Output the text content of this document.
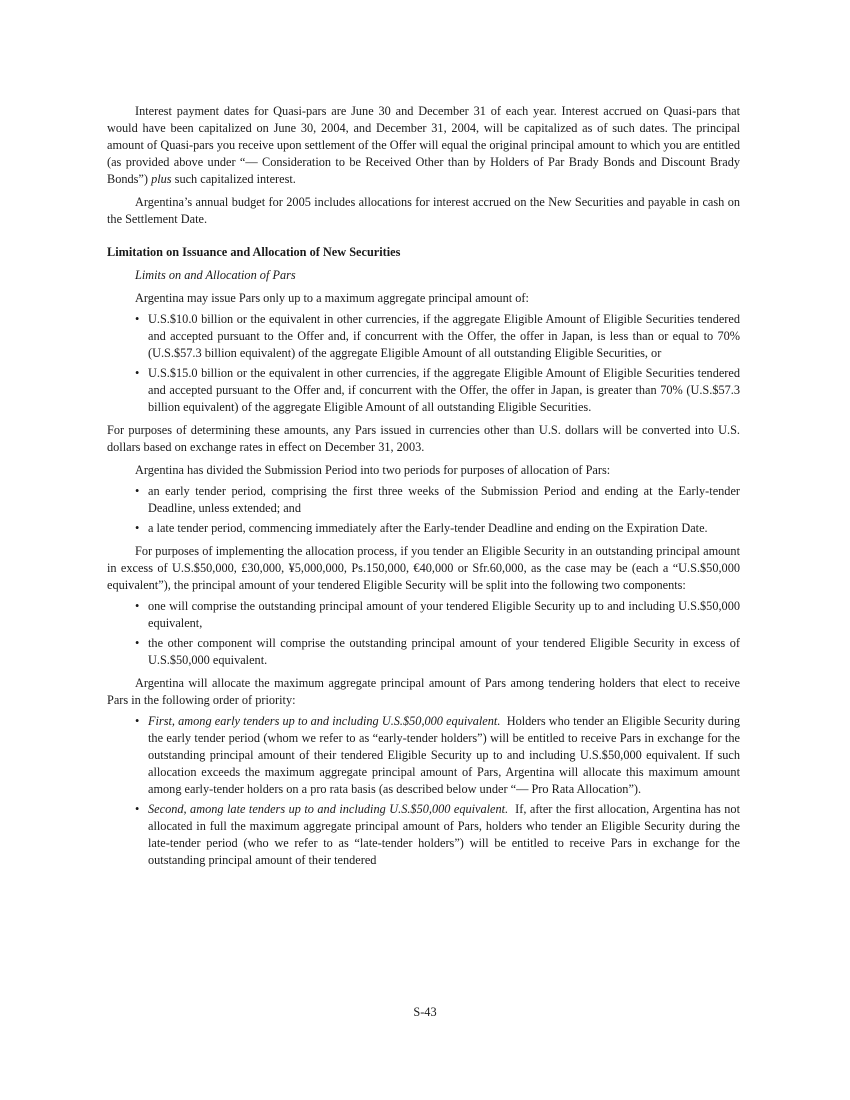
Interest payment dates for Quasi-pars are June 30 and December 31 of each year. Interest accrued on Quasi-pars that would have been capitalized on June 30, 2004, and December 31, 2004, will be capitalized as of such dates. The principal amount of Quasi-pars you receive upon settlement of the Offer will equal the original principal amount to which you are entitled (as provided above under “— Consideration to be Received Other than by Holders of Par Brady Bonds and Discount Brady Bonds”) plus such capitalized interest.

Argentina’s annual budget for 2005 includes allocations for interest accrued on the New Securities and payable in cash on the Settlement Date.

Limitation on Issuance and Allocation of New Securities

Limits on and Allocation of Pars

Argentina may issue Pars only up to a maximum aggregate principal amount of:

• U.S.$10.0 billion or the equivalent in other currencies, if the aggregate Eligible Amount of Eligible Securities tendered and accepted pursuant to the Offer and, if concurrent with the Offer, the offer in Japan, is less than or equal to 70% (U.S.$57.3 billion equivalent) of the aggregate Eligible Amount of all outstanding Eligible Securities, or
• U.S.$15.0 billion or the equivalent in other currencies, if the aggregate Eligible Amount of Eligible Securities tendered and accepted pursuant to the Offer and, if concurrent with the Offer, the offer in Japan, is greater than 70% (U.S.$57.3 billion equivalent) of the aggregate Eligible Amount of all outstanding Eligible Securities.

For purposes of determining these amounts, any Pars issued in currencies other than U.S. dollars will be converted into U.S. dollars based on exchange rates in effect on December 31, 2003.

Argentina has divided the Submission Period into two periods for purposes of allocation of Pars:

• an early tender period, comprising the first three weeks of the Submission Period and ending at the Early-tender Deadline, unless extended; and
• a late tender period, commencing immediately after the Early-tender Deadline and ending on the Expiration Date.

For purposes of implementing the allocation process, if you tender an Eligible Security in an outstanding principal amount in excess of U.S.$50,000, £30,000, ¥5,000,000, Ps.150,000, €40,000 or Sfr.60,000, as the case may be (each a “U.S.$50,000 equivalent”), the principal amount of your tendered Eligible Security will be split into the following two components:

• one will comprise the outstanding principal amount of your tendered Eligible Security up to and including U.S.$50,000 equivalent,
• the other component will comprise the outstanding principal amount of your tendered Eligible Security in excess of U.S.$50,000 equivalent.

Argentina will allocate the maximum aggregate principal amount of Pars among tendering holders that elect to receive Pars in the following order of priority:

• First, among early tenders up to and including U.S.$50,000 equivalent. Holders who tender an Eligible Security during the early tender period (whom we refer to as “early-tender holders”) will be entitled to receive Pars in exchange for the outstanding principal amount of their tendered Eligible Security up to and including U.S.$50,000 equivalent. If such allocation exceeds the maximum aggregate principal amount of Pars, Argentina will allocate this maximum amount among early-tender holders on a pro rata basis (as described below under “— Pro Rata Allocation”).
• Second, among late tenders up to and including U.S.$50,000 equivalent. If, after the first allocation, Argentina has not allocated in full the maximum aggregate principal amount of Pars, holders who tender an Eligible Security during the late-tender period (who we refer to as “late-tender holders”) will be entitled to receive Pars in exchange for the outstanding principal amount of their tendered
S-43
